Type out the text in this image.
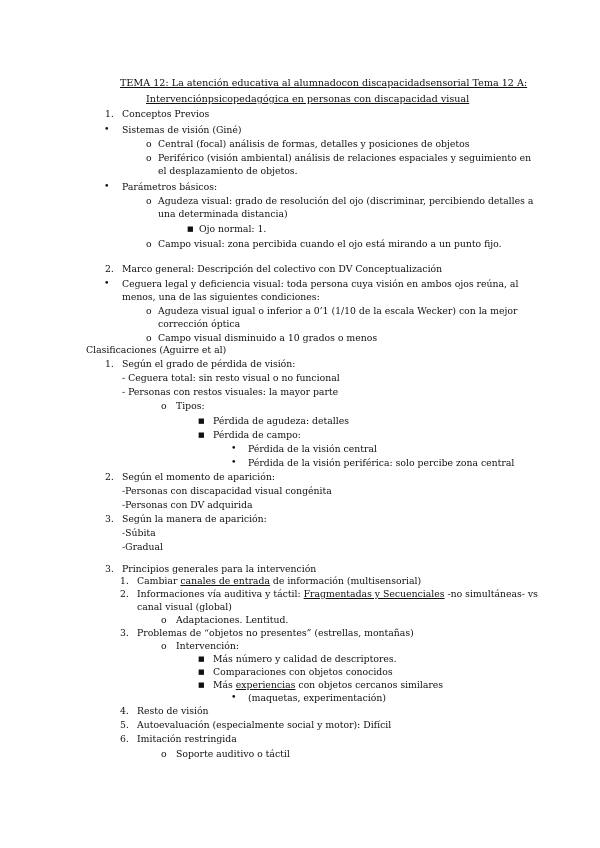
TEMA 12: La atención educativa al alumnadocon discapacidadsensorial Tema 12 A:
Intervenciónpsicopedagógica en personas con discapacidad visual
1. Conceptos Previos
• Sistemas de visión (Giné)
o Central (focal) análisis de formas, detalles y posiciones de objetos
o Periférico (visión ambiental) análisis de relaciones espaciales y seguimiento en
el desplazamiento de objetos.
• Parámetros básicos:
o Agudeza visual: grado de resolución del ojo (discriminar, percibiendo detalles a
una determinada distancia)
■ Ojo normal: 1.
o Campo visual: zona percibida cuando el ojo está mirando a un punto fijo.
2. Marco general: Descripción del colectivo con DV Conceptualización
• Ceguera legal y deficiencia visual: toda persona cuya visión en ambos ojos reúna, al
menos, una de las siguientes condiciones:
o Agudeza visual igual o inferior a 0’1 (1/10 de la escala Wecker) con la mejor
corrección óptica
o Campo visual disminuido a 10 grados o menos
Clasificaciones (Aguirre et al)
1. Según el grado de pérdida de visión:
- Ceguera total: sin resto visual o no funcional
- Personas con restos visuales: la mayor parte
o Tipos:
■ Pérdida de agudeza: detalles
■ Pérdida de campo:
• Pérdida de la visión central
• Pérdida de la visión periférica: solo percibe zona central
2. Según el momento de aparición:
-Personas con discapacidad visual congénita
-Personas con DV adquirida
3. Según la manera de aparición:
-Súbita
-Gradual
3. Principios generales para la intervención
1. Cambiar canales de entrada de información (multisensorial)
2. Informaciones vía auditiva y táctil: Fragmentadas y Secuenciales -no simultáneas- vs
canal visual (global)
o Adaptaciones. Lentitud.
3. Problemas de “objetos no presentes” (estrellas, montañas)
o Intervención:
■ Más número y calidad de descriptores.
■ Comparaciones con objetos conocidos
■ Más experiencias con objetos cercanos similares
• (maquetas, experimentación)
4. Resto de visión
5. Autoevaluación (especialmente social y motor): Difícil
6. Imitación restringida
o Soporte auditivo o táctil
